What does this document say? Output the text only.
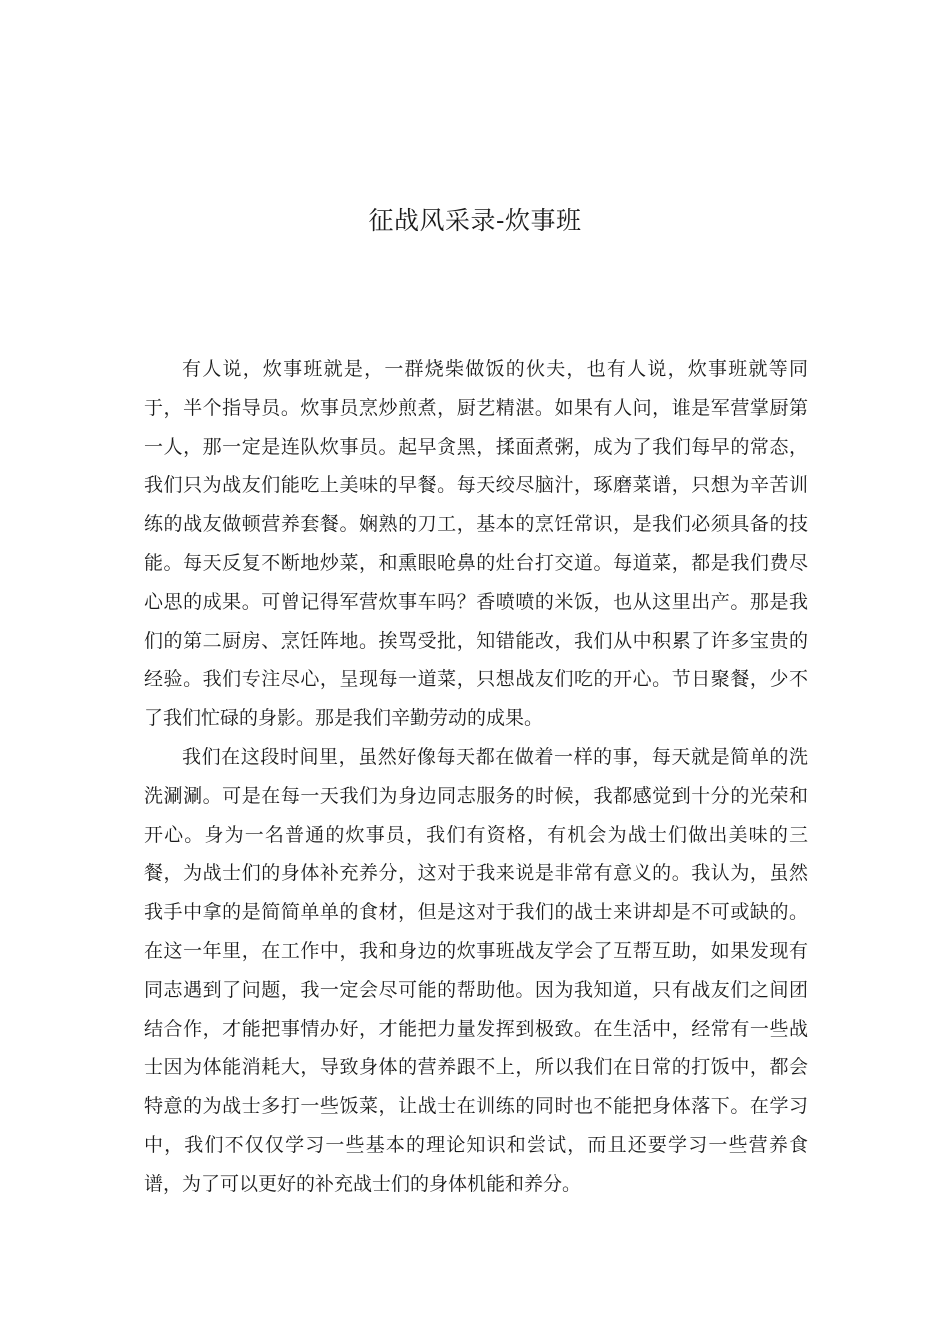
征战风采录-炊事班
有人说，炊事班就是，一群烧柴做饭的伙夫，也有人说，炊事班就等同
于，半个指导员。炊事员烹炒煎煮，厨艺精湛。如果有人问，谁是军营掌厨第
一人，那一定是连队炊事员。起早贪黑，揉面煮粥，成为了我们每早的常态，
我们只为战友们能吃上美味的早餐。每天绞尽脑汁，琢磨菜谱，只想为辛苦训
练的战友做顿营养套餐。娴熟的刀工，基本的烹饪常识，是我们必须具备的技
能。每天反复不断地炒菜，和熏眼呛鼻的灶台打交道。每道菜，都是我们费尽
心思的成果。可曾记得军营炊事车吗？香喷喷的米饭，也从这里出产。那是我
们的第二厨房、烹饪阵地。挨骂受批，知错能改，我们从中积累了许多宝贵的
经验。我们专注尽心，呈现每一道菜，只想战友们吃的开心。节日聚餐，少不
了我们忙碌的身影。那是我们辛勤劳动的成果。
我们在这段时间里，虽然好像每天都在做着一样的事，每天就是简单的洗
洗涮涮。可是在每一天我们为身边同志服务的时候，我都感觉到十分的光荣和
开心。身为一名普通的炊事员，我们有资格，有机会为战士们做出美味的三
餐，为战士们的身体补充养分，这对于我来说是非常有意义的。我认为，虽然
我手中拿的是简简单单的食材，但是这对于我们的战士来讲却是不可或缺的。
在这一年里，在工作中，我和身边的炊事班战友学会了互帮互助，如果发现有
同志遇到了问题，我一定会尽可能的帮助他。因为我知道，只有战友们之间团
结合作，才能把事情办好，才能把力量发挥到极致。在生活中，经常有一些战
士因为体能消耗大，导致身体的营养跟不上，所以我们在日常的打饭中，都会
特意的为战士多打一些饭菜，让战士在训练的同时也不能把身体落下。在学习
中，我们不仅仅学习一些基本的理论知识和尝试，而且还要学习一些营养食
谱，为了可以更好的补充战士们的身体机能和养分。
